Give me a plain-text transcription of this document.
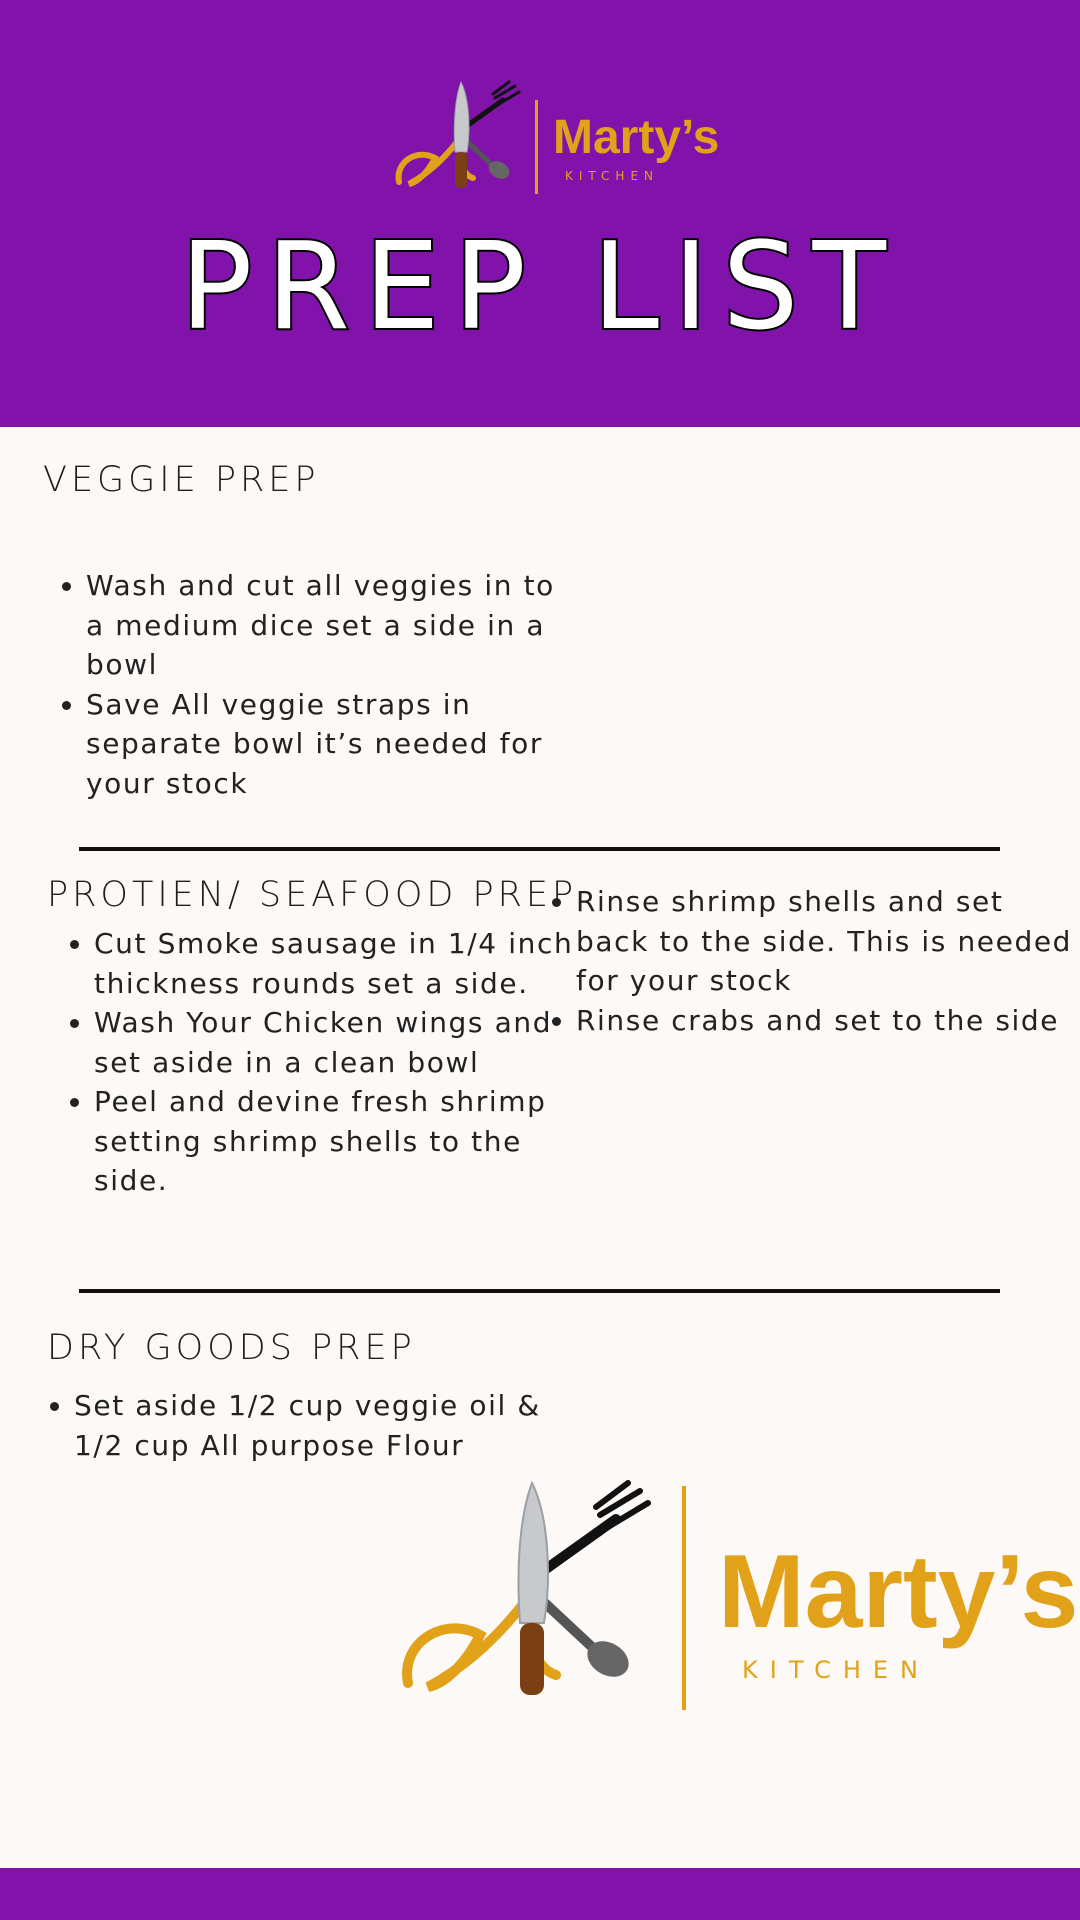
Marty’s
KITCHEN
PREP LIST
VEGGIE PREP
• Wash and cut all veggies in to a medium dice set a side in a bowl
• Save All veggie straps in separate bowl it’s needed for your stock
PROTIEN/ SEAFOOD PREP
• Cut Smoke sausage in 1/4 inch thickness rounds set a side.
• Wash Your Chicken wings and set aside in a clean bowl
• Peel and devine fresh shrimp setting shrimp shells to the side.
• Rinse shrimp shells and set back to the side. This is needed for your stock
• Rinse crabs and set to the side
DRY GOODS PREP
• Set aside 1/2 cup veggie oil & 1/2 cup All purpose Flour
Marty’s
KITCHEN
